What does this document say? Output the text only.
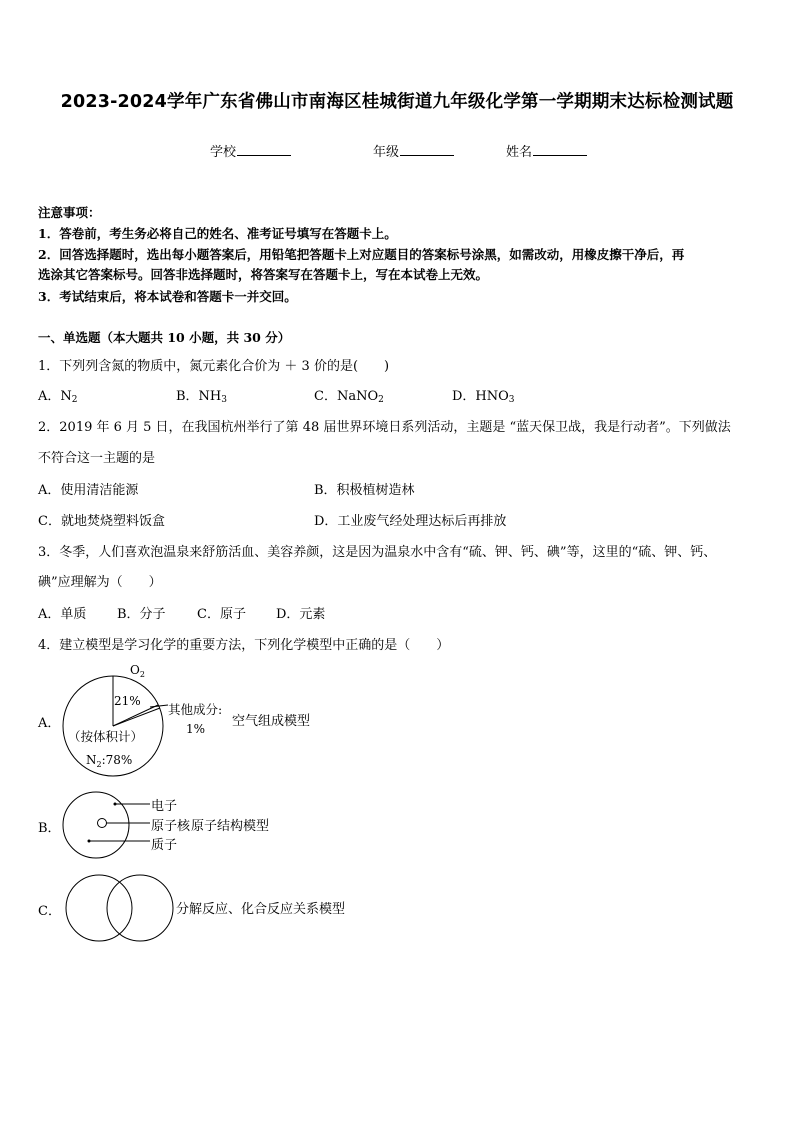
2023-2024学年广东省佛山市南海区桂城街道九年级化学第一学期期末达标检测试题
学校	年级	姓名
注意事项：
1．答卷前，考生务必将自己的姓名、准考证号填写在答题卡上。
2．回答选择题时，选出每小题答案后，用铅笔把答题卡上对应题目的答案标号涂黑，如需改动，用橡皮擦干净后，再
选涂其它答案标号。回答非选择题时，将答案写在答题卡上，写在本试卷上无效。
3．考试结束后，将本试卷和答题卡一并交回。
一、单选题（本大题共 10 小题，共 30 分）
1．下列列含氮的物质中，氮元素化合价为 ＋ 3 价的是(　　)
A．$N_2$	B．$NH_3$	C．NaNO$_2$	D．$HNO_3$
2．2019 年 6 月 5 日，在我国杭州举行了第 48 届世界环境日系列活动，主题是 “蓝天保卫战，我是行动者”。下列做法
不符合这一主题的是
A．使用清洁能源	B．积极植树造林
C．就地焚烧塑料饭盒	D．工业废气经处理达标后再排放
3．冬季，人们喜欢泡温泉来舒筋活血、美容养颜，这是因为温泉水中含有“硫、钾、钙、碘”等，这里的“硫、钾、钙、
碘”应理解为（　　）
A．单质 B．分子 C．原子 D．元素
4．建立模型是学习化学的重要方法，下列化学模型中正确的是（　　）
A．
$O_2$
21%
其他成分:
1%
（按体积计）
$N_2:78\%$
空气组成模型
电子
原子核原子结构模型
质子
分解反应、化合反应关系模型
B．
C．
